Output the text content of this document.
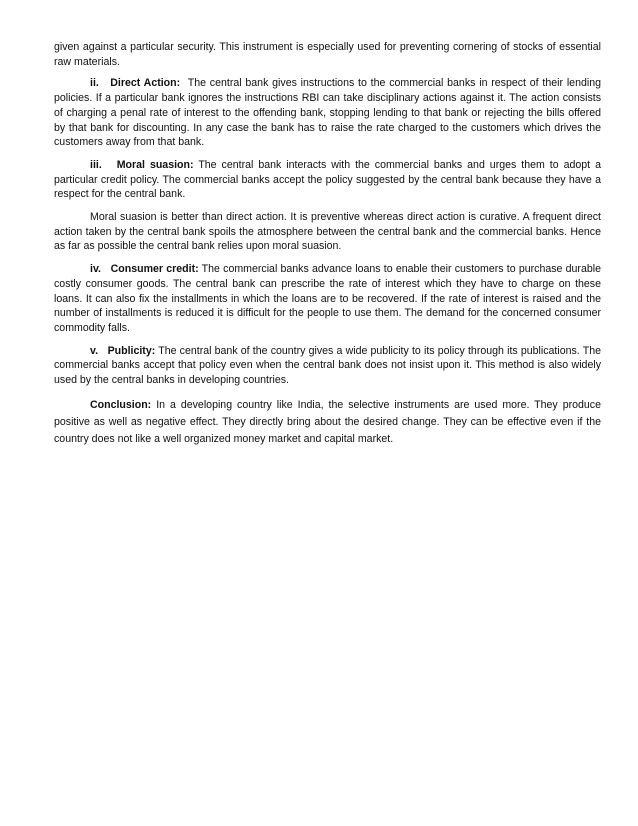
given against a particular security. This instrument is especially used for preventing cornering of stocks of essential raw materials.

ii. Direct Action: The central bank gives instructions to the commercial banks in respect of their lending policies. If a particular bank ignores the instructions RBI can take disciplinary actions against it. The action consists of charging a penal rate of interest to the offending bank, stopping lending to that bank or rejecting the bills offered by that bank for discounting. In any case the bank has to raise the rate charged to the customers which drives the customers away from that bank.

iii. Moral suasion: The central bank interacts with the commercial banks and urges them to adopt a particular credit policy. The commercial banks accept the policy suggested by the central bank because they have a respect for the central bank.

Moral suasion is better than direct action. It is preventive whereas direct action is curative. A frequent direct action taken by the central bank spoils the atmosphere between the central bank and the commercial banks. Hence as far as possible the central bank relies upon moral suasion.

iv. Consumer credit: The commercial banks advance loans to enable their customers to purchase durable costly consumer goods. The central bank can prescribe the rate of interest which they have to charge on these loans. It can also fix the installments in which the loans are to be recovered. If the rate of interest is raised and the number of installments is reduced it is difficult for the people to use them. The demand for the concerned consumer commodity falls.

v. Publicity: The central bank of the country gives a wide publicity to its policy through its publications. The commercial banks accept that policy even when the central bank does not insist upon it. This method is also widely used by the central banks in developing countries.

Conclusion: In a developing country like India, the selective instruments are used more. They produce positive as well as negative effect. They directly bring about the desired change. They can be effective even if the country does not like a well organized money market and capital market.
